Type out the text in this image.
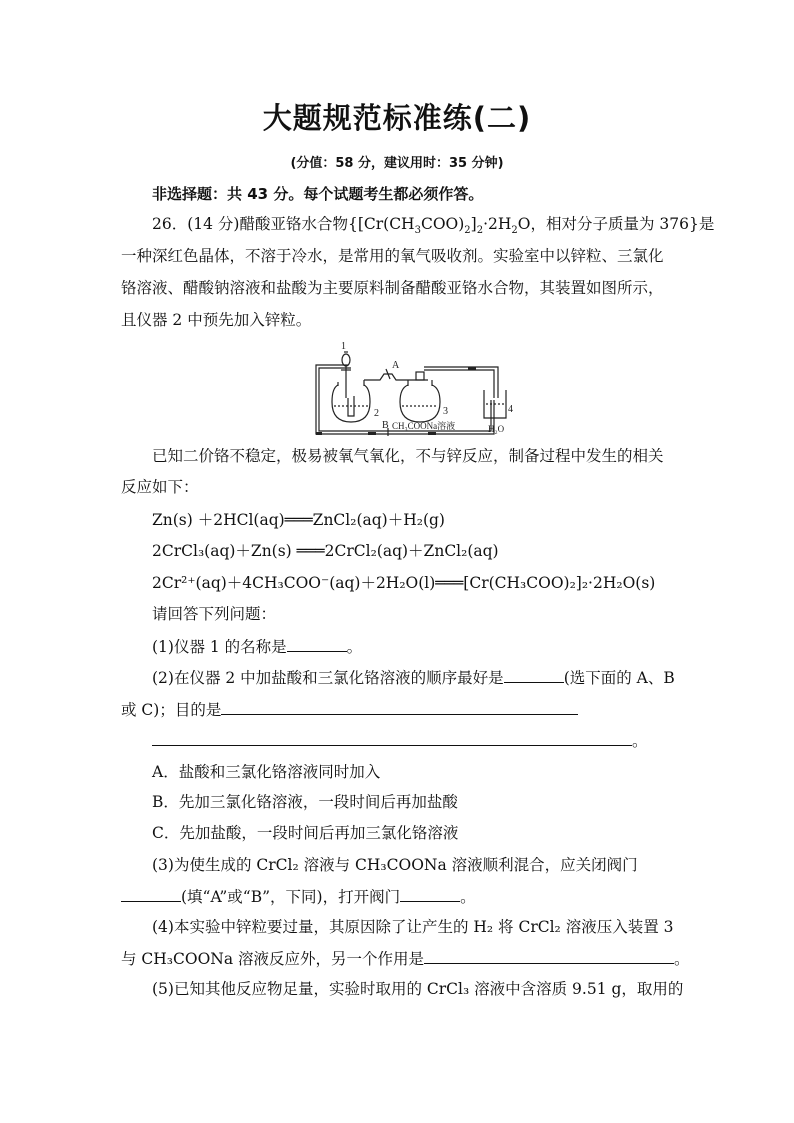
大题规范标准练(二)
(分值：58 分，建议用时：35 分钟)
非选择题：共 43 分。每个试题考生都必须作答。
26．(14 分)醋酸亚铬水合物{$[Cr(CH_3COO)_2]_2\cdot 2H_2O$，相对分子质量为 376}是
一种深红色晶体，不溶于冷水，是常用的氧气吸收剂。实验室中以锌粒、三氯化
铬溶液、醋酸钠溶液和盐酸为主要原料制备醋酸亚铬水合物，其装置如图所示，
且仪器 2 中预先加入锌粒。
1
2	3	4
A
B CH₃COONa溶液	H₂O
已知二价铬不稳定，极易被氧气氧化，不与锌反应，制备过程中发生的相关
反应如下：
Zn(s) ＋2HCl(aq)═══ZnCl₂(aq)＋H₂(g)
2CrCl₃(aq)＋Zn(s) ═══2CrCl₂(aq)＋ZnCl₂(aq)
2Cr²⁺(aq)＋4CH₃COO⁻(aq)＋2H₂O(l)═══[Cr(CH₃COO)₂]₂·2H₂O(s)
请回答下列问题：
(1)仪器 1 的名称是	。
(2)在仪器 2 中加盐酸和三氯化铬溶液的顺序最好是	(选下面的 A、B
或 C)；目的是
。
A．盐酸和三氯化铬溶液同时加入
B．先加三氯化铬溶液，一段时间后再加盐酸
C．先加盐酸，一段时间后再加三氯化铬溶液
(3)为使生成的 CrCl₂ 溶液与 CH₃COONa 溶液顺利混合，应关闭阀门
(填“A”或“B”，下同)，打开阀门	。
(4)本实验中锌粒要过量，其原因除了让产生的 H₂ 将 CrCl₂ 溶液压入装置 3
与 CH₃COONa 溶液反应外，另一个作用是	。
(5)已知其他反应物足量，实验时取用的 CrCl₃ 溶液中含溶质 9.51 g，取用的
